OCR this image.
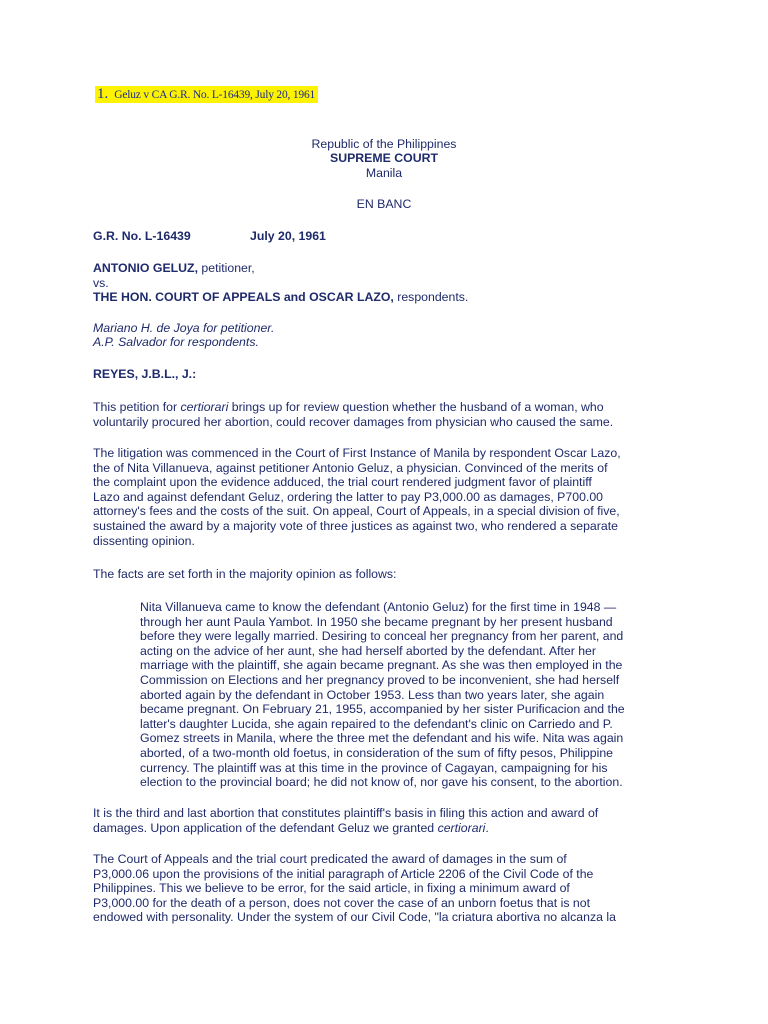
1. Geluz v CA G.R. No. L-16439, July 20, 1961
Republic of the Philippines
SUPREME COURT
Manila
EN BANC
G.R. No. L-16439	July 20, 1961
ANTONIO GELUZ, petitioner,
vs.
THE HON. COURT OF APPEALS and OSCAR LAZO, respondents.
Mariano H. de Joya for petitioner.
A.P. Salvador for respondents.
REYES, J.B.L., J.:
This petition for certiorari brings up for review question whether the husband of a woman, who
voluntarily procured her abortion, could recover damages from physician who caused the same.
The litigation was commenced in the Court of First Instance of Manila by respondent Oscar Lazo,
the of Nita Villanueva, against petitioner Antonio Geluz, a physician. Convinced of the merits of
the complaint upon the evidence adduced, the trial court rendered judgment favor of plaintiff
Lazo and against defendant Geluz, ordering the latter to pay P3,000.00 as damages, P700.00
attorney's fees and the costs of the suit. On appeal, Court of Appeals, in a special division of five,
sustained the award by a majority vote of three justices as against two, who rendered a separate
dissenting opinion.
The facts are set forth in the majority opinion as follows:
Nita Villanueva came to know the defendant (Antonio Geluz) for the first time in 1948 —
through her aunt Paula Yambot. In 1950 she became pregnant by her present husband
before they were legally married. Desiring to conceal her pregnancy from her parent, and
acting on the advice of her aunt, she had herself aborted by the defendant. After her
marriage with the plaintiff, she again became pregnant. As she was then employed in the
Commission on Elections and her pregnancy proved to be inconvenient, she had herself
aborted again by the defendant in October 1953. Less than two years later, she again
became pregnant. On February 21, 1955, accompanied by her sister Purificacion and the
latter's daughter Lucida, she again repaired to the defendant's clinic on Carriedo and P.
Gomez streets in Manila, where the three met the defendant and his wife. Nita was again
aborted, of a two-month old foetus, in consideration of the sum of fifty pesos, Philippine
currency. The plaintiff was at this time in the province of Cagayan, campaigning for his
election to the provincial board; he did not know of, nor gave his consent, to the abortion.
It is the third and last abortion that constitutes plaintiff's basis in filing this action and award of
damages. Upon application of the defendant Geluz we granted certiorari.
The Court of Appeals and the trial court predicated the award of damages in the sum of
P3,000.06 upon the provisions of the initial paragraph of Article 2206 of the Civil Code of the
Philippines. This we believe to be error, for the said article, in fixing a minimum award of
P3,000.00 for the death of a person, does not cover the case of an unborn foetus that is not
endowed with personality. Under the system of our Civil Code, "la criatura abortiva no alcanza la
